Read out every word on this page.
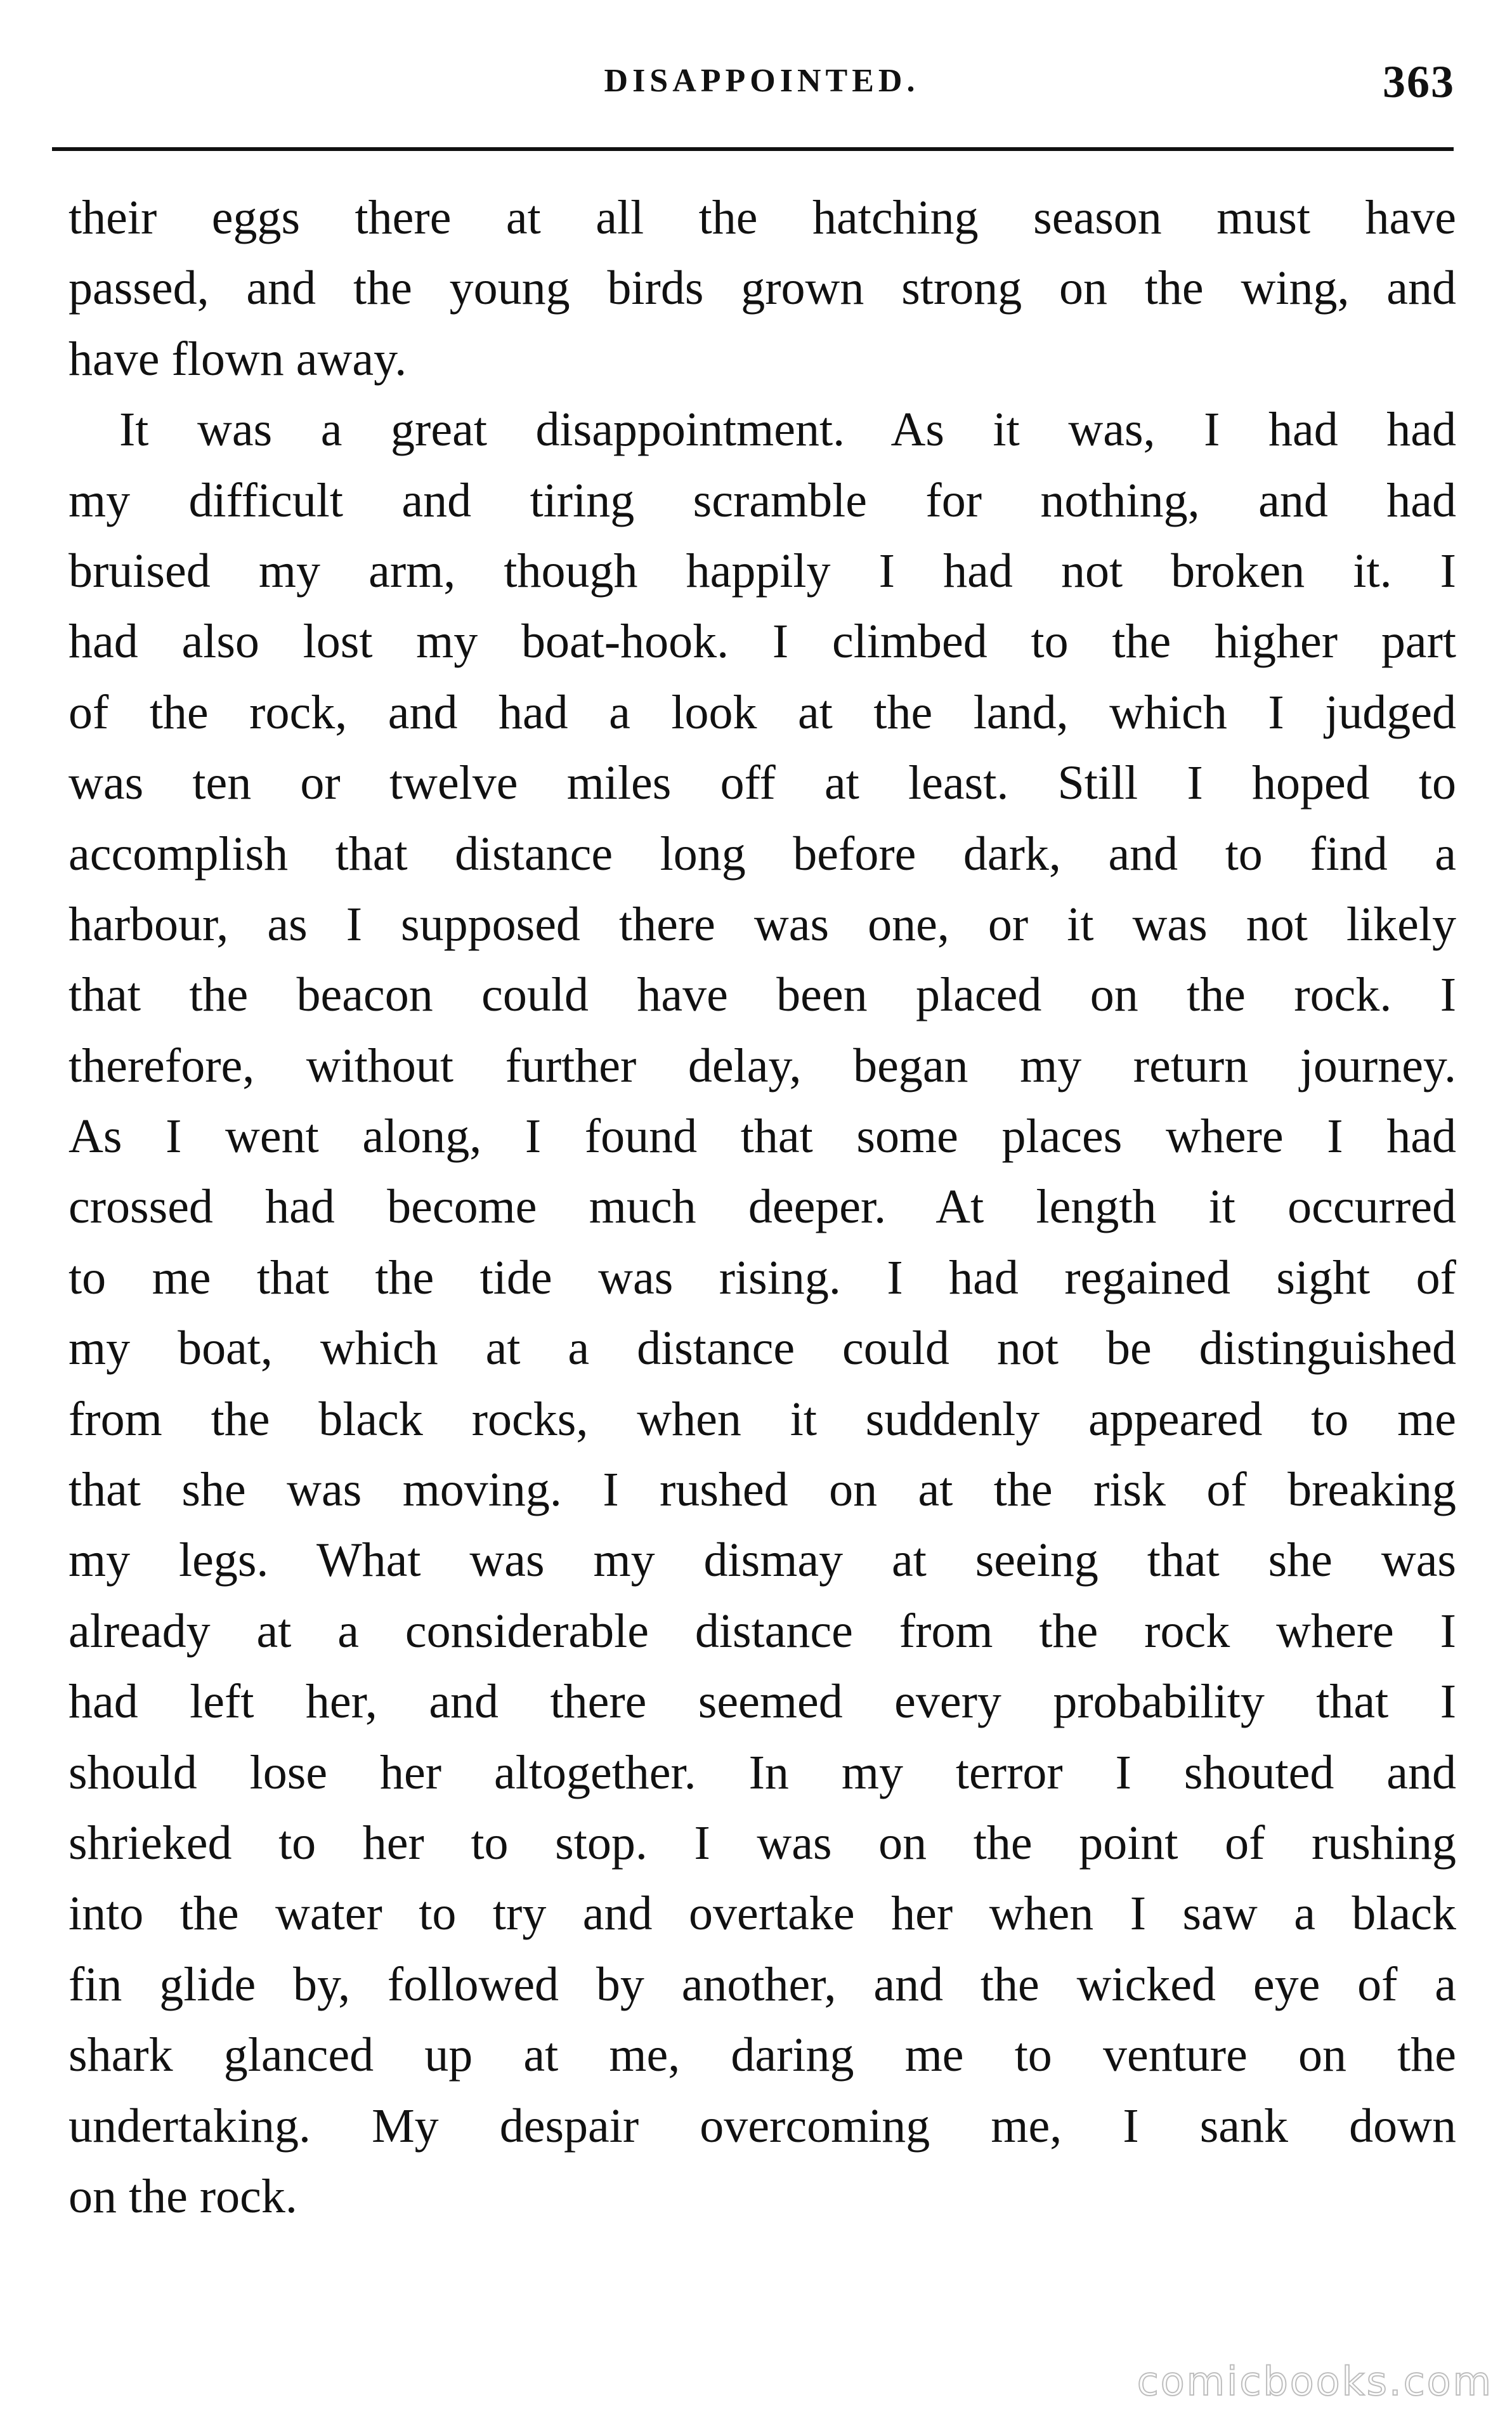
DISAPPOINTED.	363
their eggs there at all the hatching season must have
passed, and the young birds grown strong on the wing, and
have flown away.
It was a great disappointment. As it was, I had had
my difficult and tiring scramble for nothing, and had
bruised my arm, though happily I had not broken it. I
had also lost my boat-hook. I climbed to the higher part
of the rock, and had a look at the land, which I judged
was ten or twelve miles off at least. Still I hoped to
accomplish that distance long before dark, and to find a
harbour, as I supposed there was one, or it was not likely
that the beacon could have been placed on the rock. I
therefore, without further delay, began my return journey.
As I went along, I found that some places where I had
crossed had become much deeper. At length it occurred
to me that the tide was rising. I had regained sight of
my boat, which at a distance could not be distinguished
from the black rocks, when it suddenly appeared to me
that she was moving. I rushed on at the risk of breaking
my legs. What was my dismay at seeing that she was
already at a considerable distance from the rock where I
had left her, and there seemed every probability that I
should lose her altogether. In my terror I shouted and
shrieked to her to stop. I was on the point of rushing
into the water to try and overtake her when I saw a black
fin glide by, followed by another, and the wicked eye of a
shark glanced up at me, daring me to venture on the
undertaking. My despair overcoming me, I sank down
on the rock.
comicbooks.com
